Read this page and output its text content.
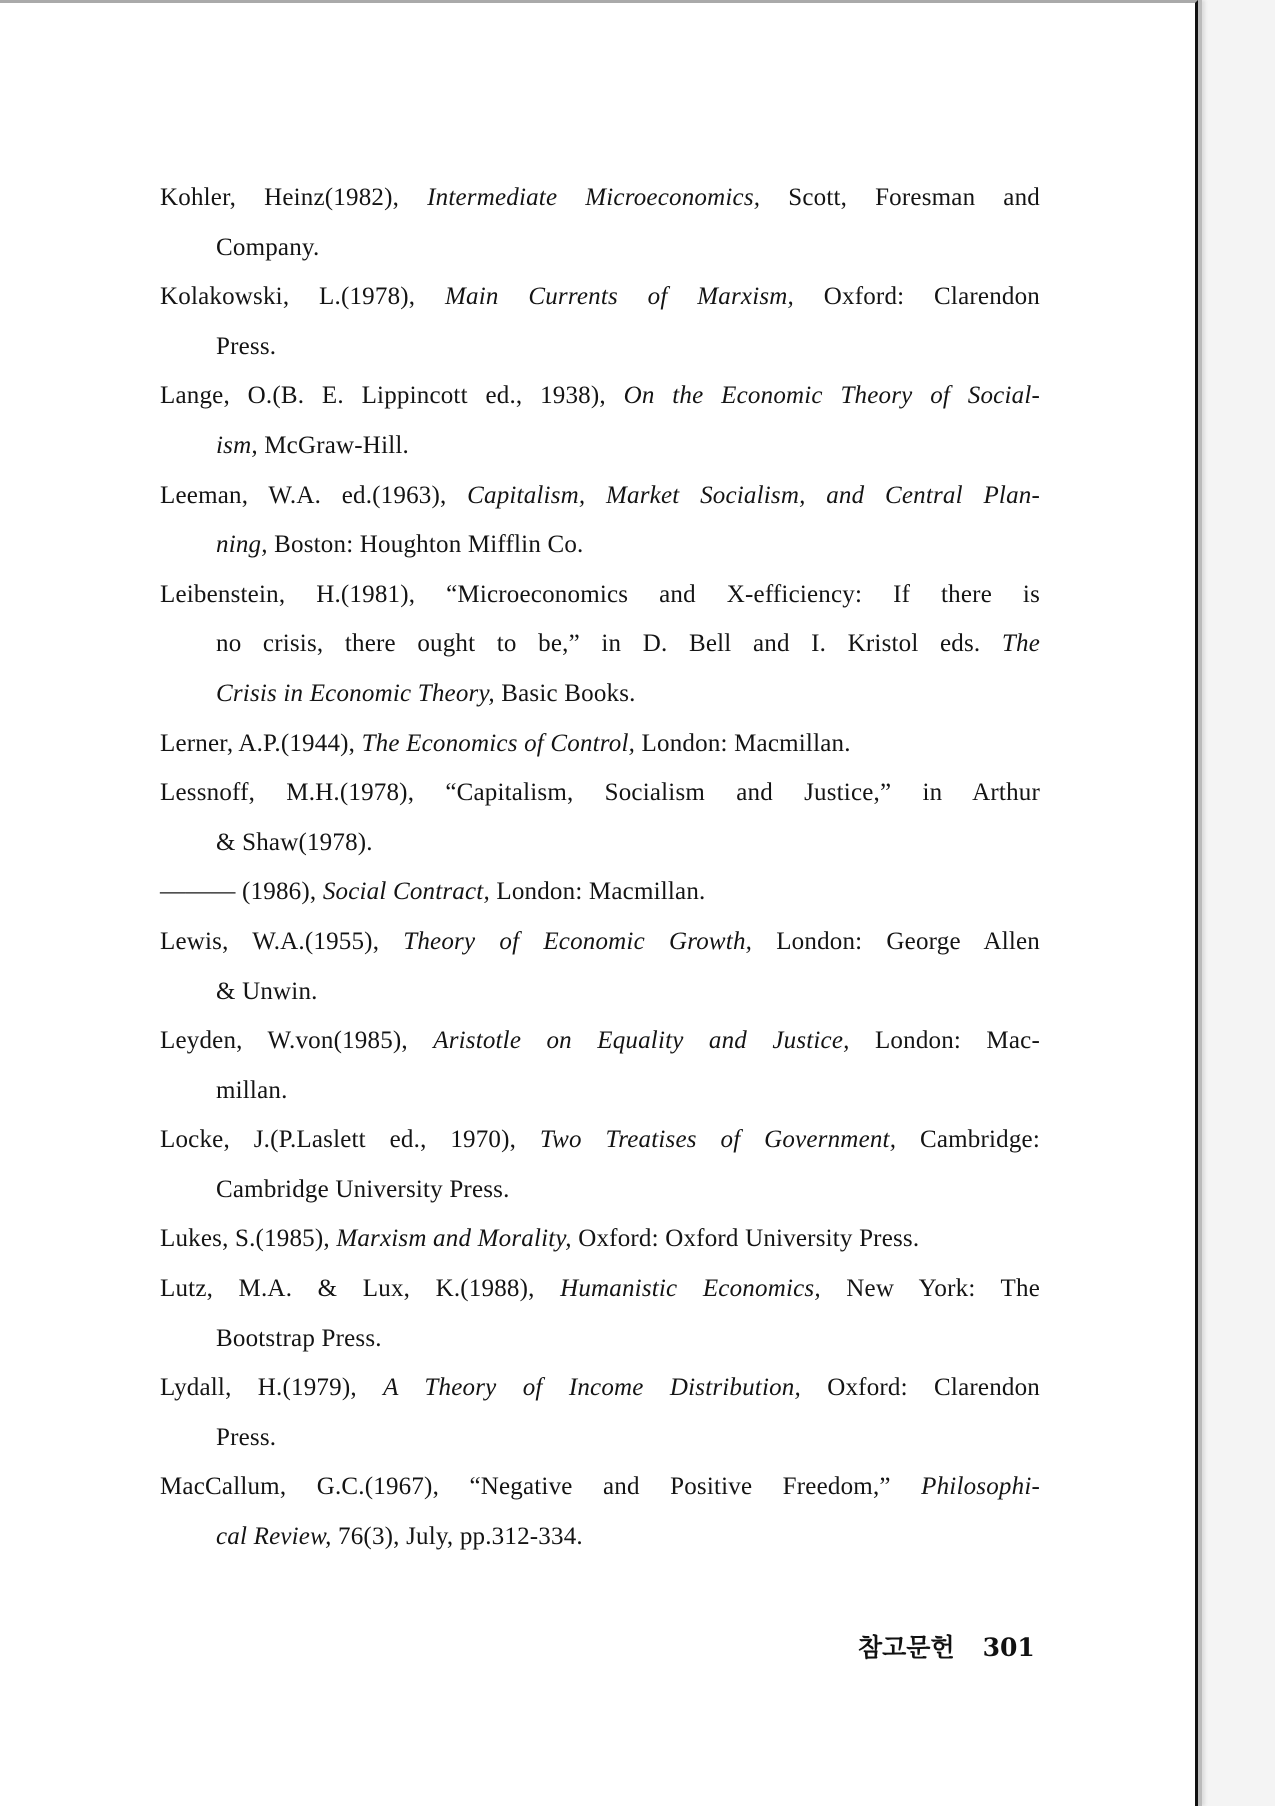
Kohler, Heinz(1982), Intermediate Microeconomics, Scott, Foresman and
Company.
Kolakowski, L.(1978), Main Currents of Marxism, Oxford: Clarendon
Press.
Lange, O.(B. E. Lippincott ed., 1938), On the Economic Theory of Social-
ism, McGraw-Hill.
Leeman, W.A. ed.(1963), Capitalism, Market Socialism, and Central Plan-
ning, Boston: Houghton Mifflin Co.
Leibenstein, H.(1981), “Microeconomics and X-efficiency: If there is
no crisis, there ought to be,” in D. Bell and I. Kristol eds. The
Crisis in Economic Theory, Basic Books.
Lerner, A.P.(1944), The Economics of Control, London: Macmillan.
Lessnoff, M.H.(1978), “Capitalism, Socialism and Justice,” in Arthur
& Shaw(1978).
——— (1986), Social Contract, London: Macmillan.
Lewis, W.A.(1955), Theory of Economic Growth, London: George Allen
& Unwin.
Leyden, W.von(1985), Aristotle on Equality and Justice, London: Mac-
millan.
Locke, J.(P.Laslett ed., 1970), Two Treatises of Government, Cambridge:
Cambridge University Press.
Lukes, S.(1985), Marxism and Morality, Oxford: Oxford University Press.
Lutz, M.A. & Lux, K.(1988), Humanistic Economics, New York: The
Bootstrap Press.
Lydall, H.(1979), A Theory of Income Distribution, Oxford: Clarendon
Press.
MacCallum, G.C.(1967), “Negative and Positive Freedom,” Philosophi-
cal Review, 76(3), July, pp.312-334.
참고문헌 301
